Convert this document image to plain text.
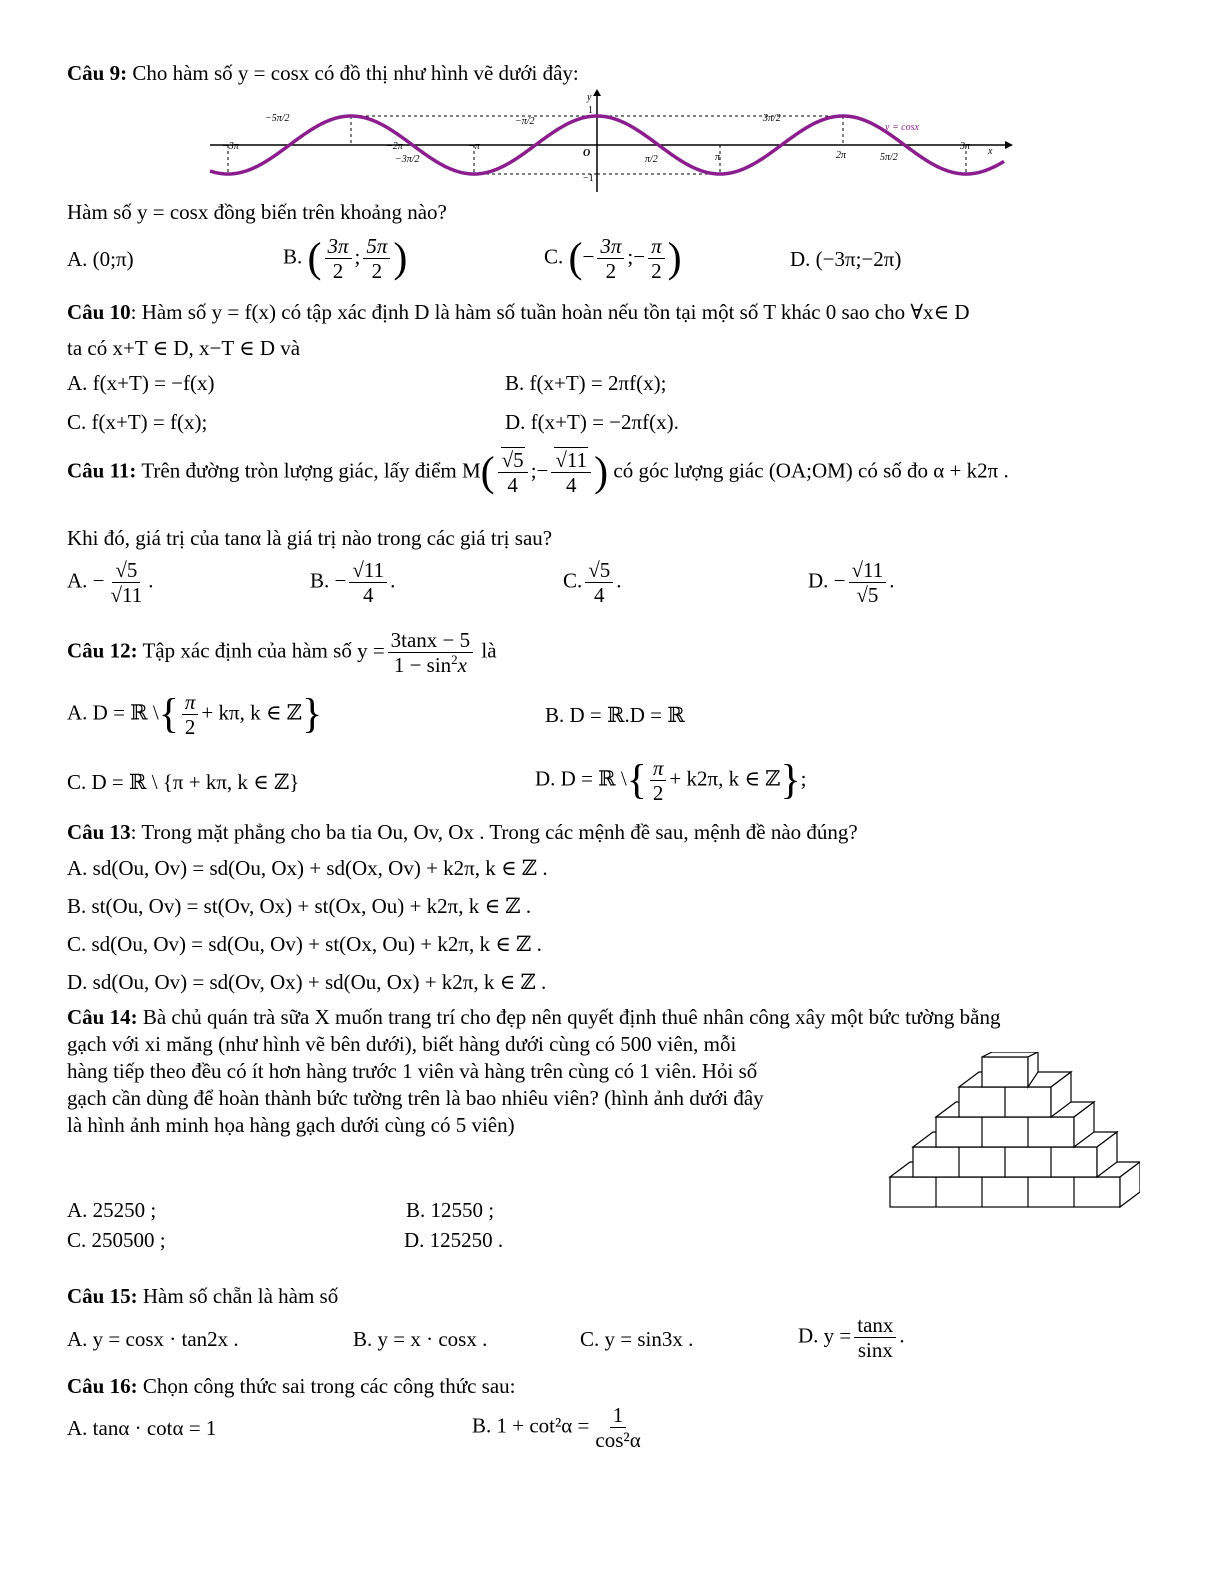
Câu 9: Cho hàm số y = cosx có đồ thị như hình vẽ dưới đây:
−2π	−π
−3π
π	2π
3π x
y
1
−1
O
−5π/2	−π/2	3π/2
5π/2
−3π/2	π/2
y = cosx
Hàm số y = cosx đồng biến trên khoảng nào?
A. (0;π)	B. ( $\frac{3\pi}{2}$ ; $\frac{5\pi}{2}$ )	C. (− $\frac{3\pi}{2}$ ;− $\frac{\pi}{2}$ )	D. (−3π;−2π)
Câu 10: Hàm số y = f(x) có tập xác định D là hàm số tuần hoàn nếu tồn tại một số T khác 0 sao cho ∀x∈ D
ta có x+T ∈ D, x−T ∈ D và
A. f(x+T) = −f(x)	B. f(x+T) = 2πf(x);
C. f(x+T) = f(x);	D. f(x+T) = −2πf(x).
Câu 11: Trên đường tròn lượng giác, lấy điểm $M( \frac{√5}{4}$ ;− $\frac{√11}{4}$ ) có góc lượng giác (OA;OM) có số đo α + k2π .
Khi đó, giá trị của tanα là giá trị nào trong các giá trị sau?
A. − $\frac{√5}{√11}$ .	B. − $\frac{√11}{4}$ .	C. $\frac{√5}{4}$ .	D. − $\frac{√11}{√5}$ .
Câu 12: Tập xác định của hàm số $y = \frac{3\tan x - 5}{1 - \sin^2x}$ là
A. D = ℝ \{ $\frac{\pi}{2} + k\pi$, k ∈ ℤ}	B. D = ℝ.D = ℝ
C. D = ℝ \ {π + kπ, k ∈ ℤ}	D. D = ℝ \{ $\frac{\pi}{2} + k2\pi$, k ∈ ℤ};
Câu 13: Trong mặt phẳng cho ba tia Ou, Ov, Ox . Trong các mệnh đề sau, mệnh đề nào đúng?
A. sd(Ou, Ov) = sd(Ou, Ox) + sd(Ox, Ov) + k2π, k ∈ ℤ .
B. st(Ou, Ov) = st(Ov, Ox) + st(Ox, Ou) + k2π, k ∈ ℤ .
C. sd(Ou, Ov) = sd(Ou, Ov) + st(Ox, Ou) + k2π, k ∈ ℤ .
D. sd(Ou, Ov) = sd(Ov, Ox) + sd(Ou, Ox) + k2π, k ∈ ℤ .
Câu 14: Bà chủ quán trà sữa X muốn trang trí cho đẹp nên quyết định thuê nhân công xây một bức tường bằng
gạch với xi măng (như hình vẽ bên dưới), biết hàng dưới cùng có 500 viên, mỗi
hàng tiếp theo đều có ít hơn hàng trước 1 viên và hàng trên cùng có 1 viên. Hỏi số
gạch cần dùng để hoàn thành bức tường trên là bao nhiêu viên? (hình ảnh dưới đây
là hình ảnh minh họa hàng gạch dưới cùng có 5 viên)
A. 25250 ;	B. 12550 ;
C. 250500 ;	D. 125250 .
Câu 15: Hàm số chẵn là hàm số
A. y = cosx · tan2x .	B. y = x · cosx .	C. y = sin3x .	D. $y = \frac{\tan x}{\sin x}$ .
Câu 16: Chọn công thức sai trong các công thức sau:
A. tanα · cotα = 1	B. $1 + \cot^2\alpha = \frac{1}{\text{cos²α}}$
